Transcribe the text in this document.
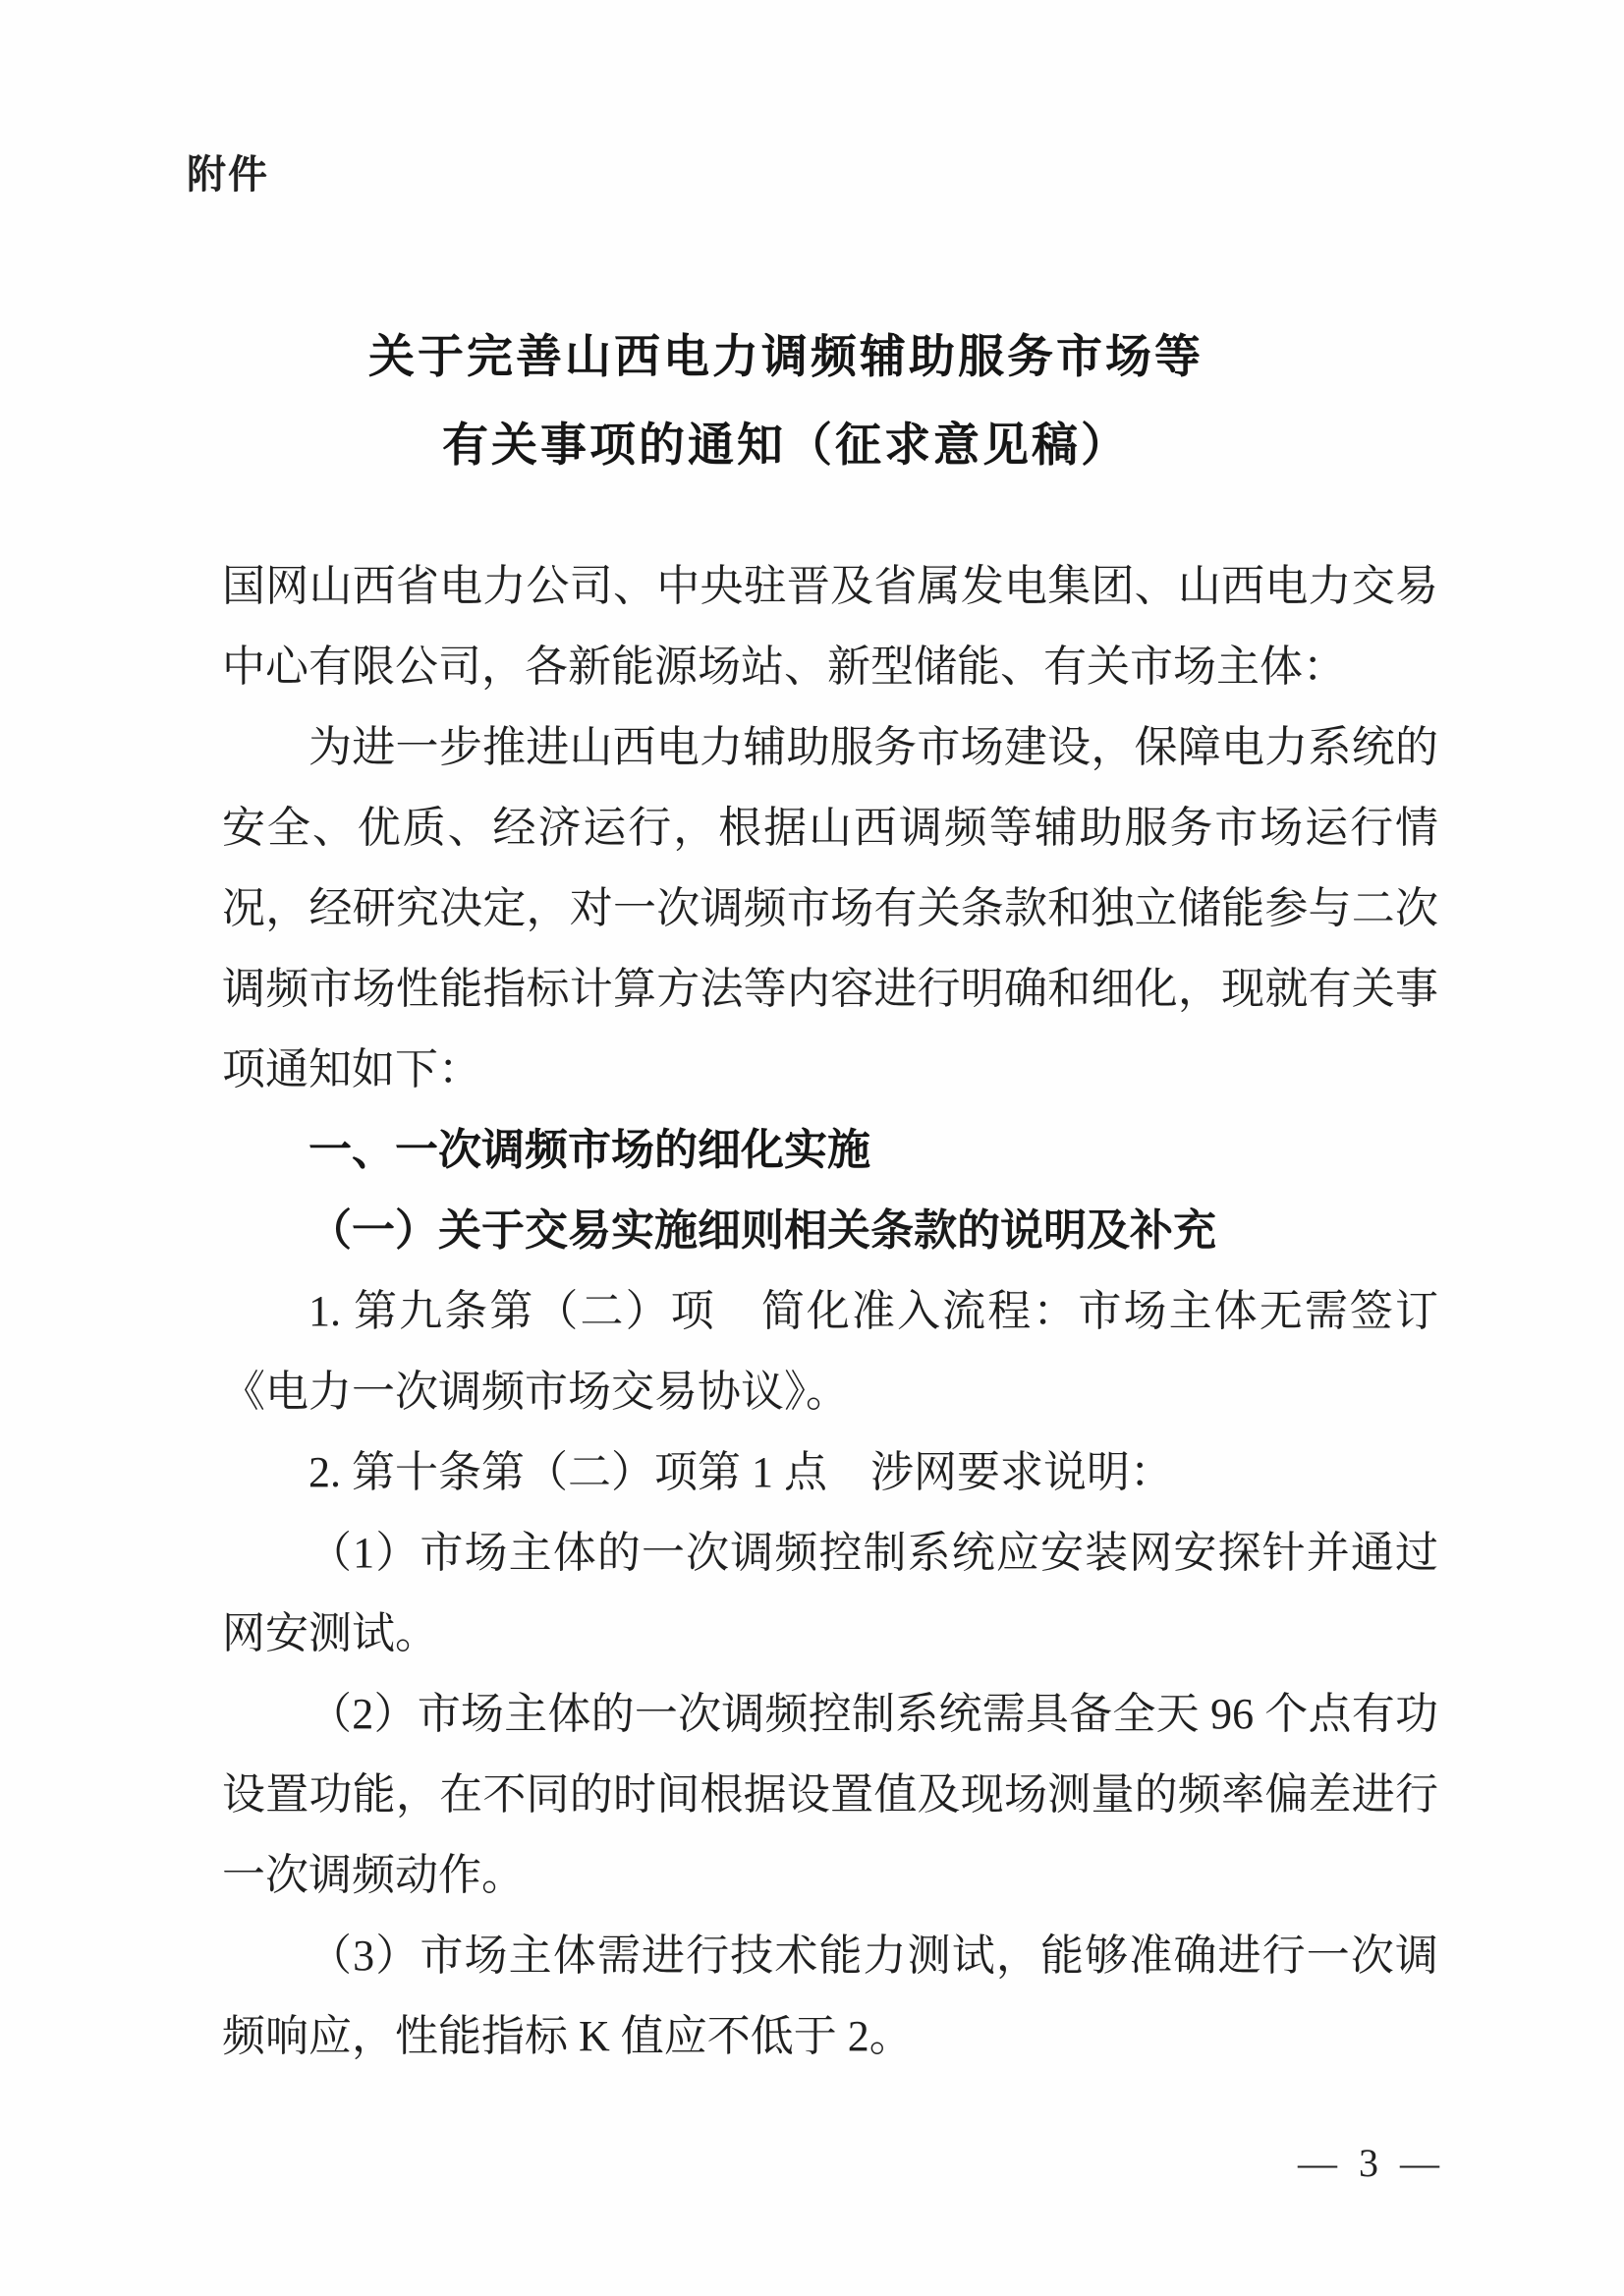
附件
关于完善山西电力调频辅助服务市场等
有关事项的通知（征求意见稿）

国网山西省电力公司、中央驻晋及省属发电集团、山西电力交易中心有限公司，各新能源场站、新型储能、有关市场主体：

为进一步推进山西电力辅助服务市场建设，保障电力系统的安全、优质、经济运行，根据山西调频等辅助服务市场运行情况，经研究决定，对一次调频市场有关条款和独立储能参与二次调频市场性能指标计算方法等内容进行明确和细化，现就有关事项通知如下：

一、一次调频市场的细化实施

（一）关于交易实施细则相关条款的说明及补充

1. 第九条第（二）项　简化准入流程：市场主体无需签订《电力一次调频市场交易协议》。

2. 第十条第（二）项第 1 点　涉网要求说明：

（1）市场主体的一次调频控制系统应安装网安探针并通过网安测试。

（2）市场主体的一次调频控制系统需具备全天 96 个点有功设置功能，在不同的时间根据设置值及现场测量的频率偏差进行一次调频动作。

（3）市场主体需进行技术能力测试，能够准确进行一次调频响应，性能指标 K 值应不低于 2。

— 3 —
